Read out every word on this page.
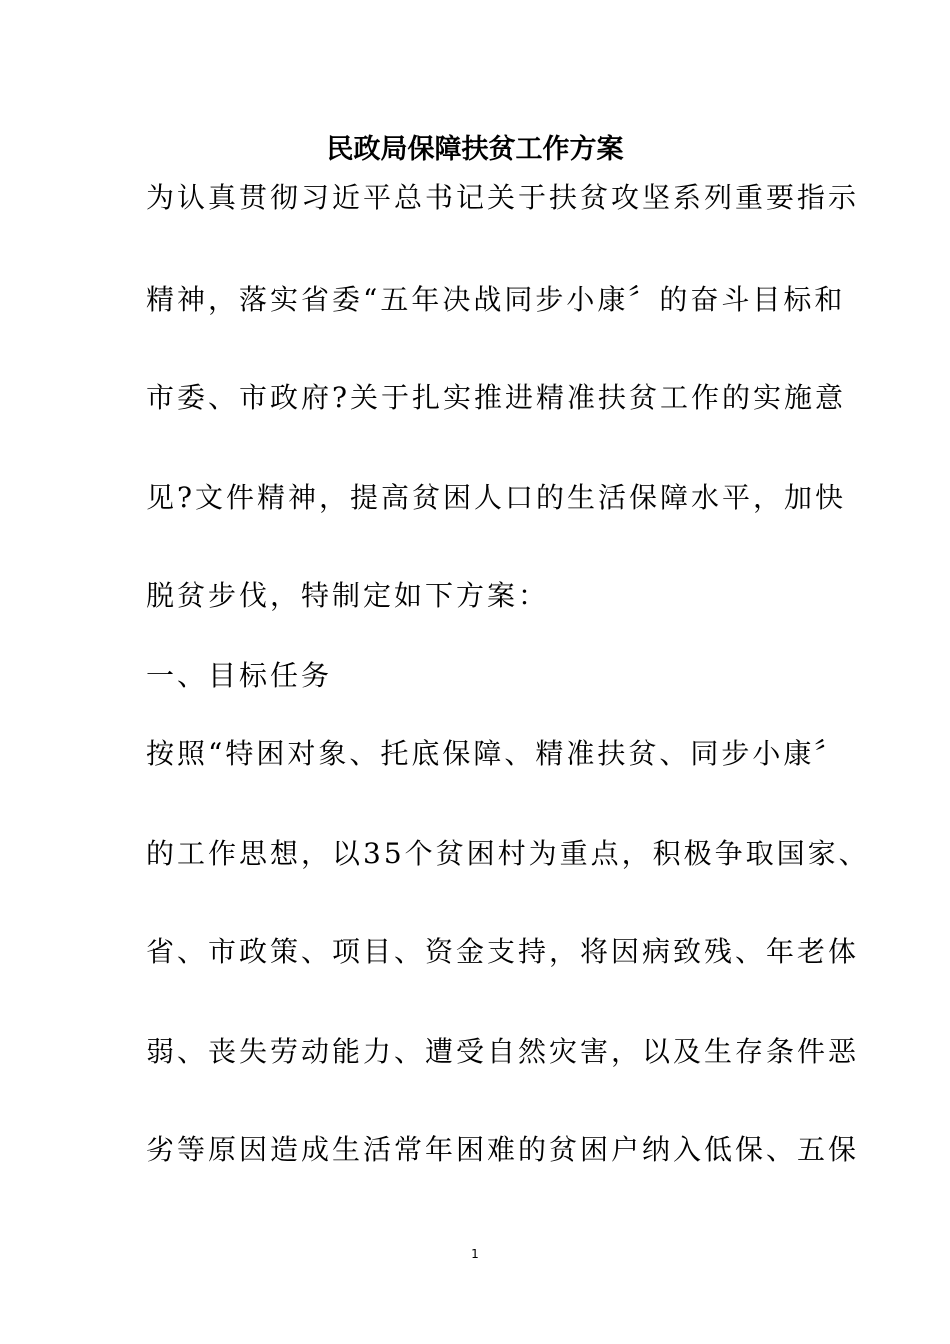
民政局保障扶贫工作方案
为认真贯彻习近平总书记关于扶贫攻坚系列重要指示
精神，落实省委“五年决战同步小康〞的奋斗目标和
市委、市政府?关于扎实推进精准扶贫工作的实施意
见?文件精神，提高贫困人口的生活保障水平，加快
脱贫步伐，特制定如下方案：
一、目标任务
按照“特困对象、托底保障、精准扶贫、同步小康〞
的工作思想，以35个贫困村为重点，积极争取国家、
省、市政策、项目、资金支持，将因病致残、年老体
弱、丧失劳动能力、遭受自然灾害，以及生存条件恶
劣等原因造成生活常年困难的贫困户纳入低保、五保
1
